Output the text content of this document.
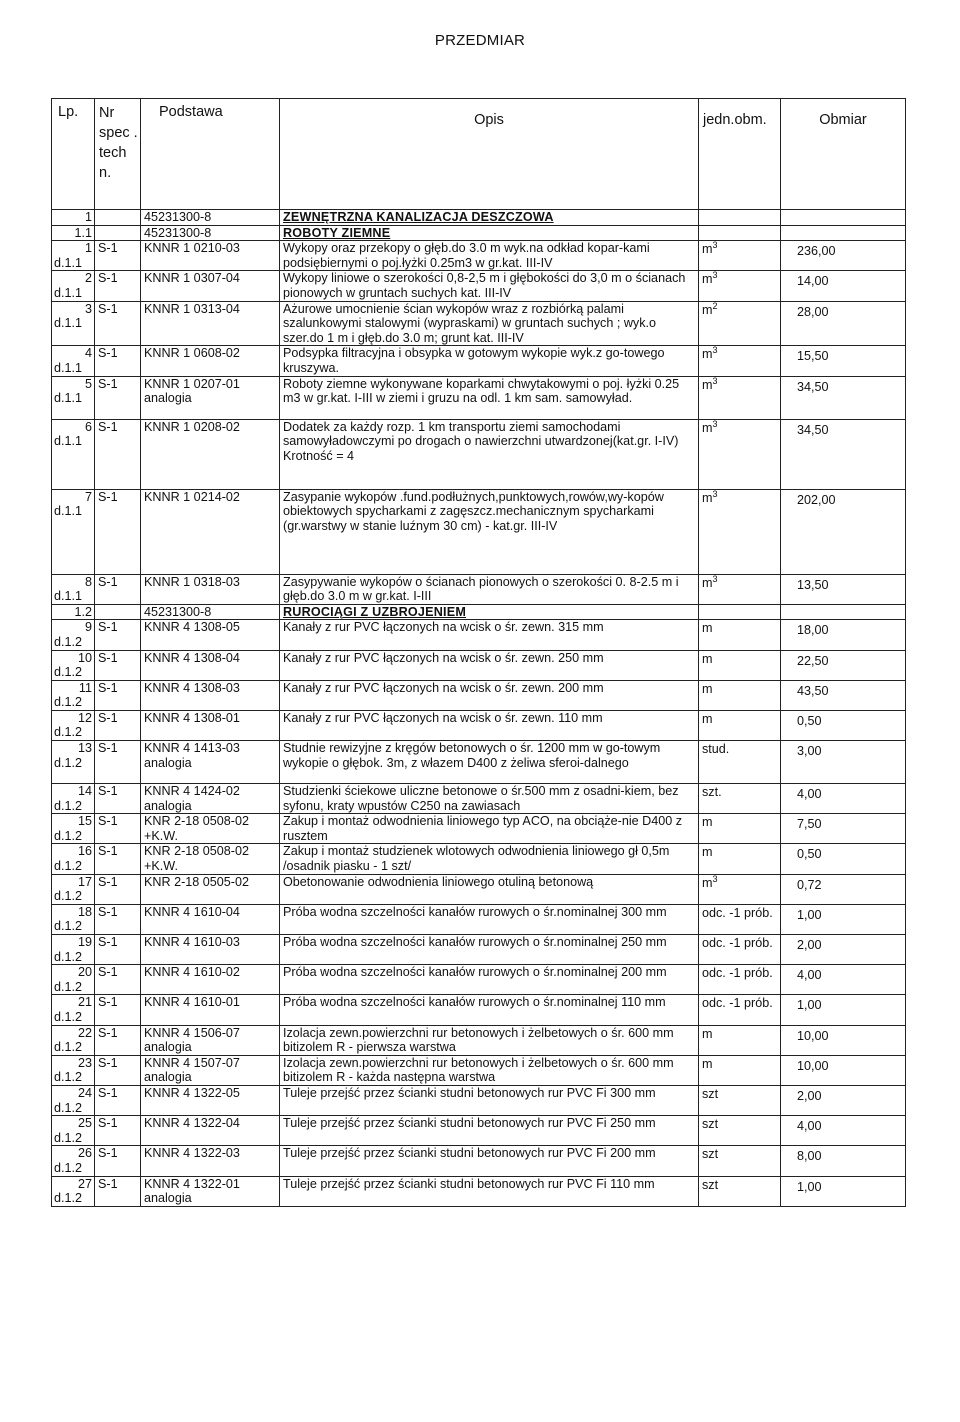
PRZEDMIAR
Lp.	Nr spec . tech n.	Podstawa	Opis	jedn.obm.	Obmiar

1		45231300-8	ZEWNĘTRZNA KANALIZACJA DESZCZOWA		

1.1		45231300-8	ROBOTY ZIEMNE		

1
d.1.1	S-1	KNNR 1 0210-03	Wykopy oraz przekopy o głęb.do 3.0 m wyk.na odkład kopar-kami podsiębiernymi o poj.łyżki 0.25m3 w gr.kat. III-IV	$m^3$	236,00

2
d.1.1	S-1	KNNR 1 0307-04	Wykopy liniowe o szerokości 0,8-2,5 m i głębokości do 3,0 m o ścianach pionowych w gruntach suchych kat. III-IV	$m^3$	14,00

3
d.1.1	S-1	KNNR 1 0313-04	Ażurowe umocnienie ścian wykopów wraz z rozbiórką palami szalunkowymi stalowymi (wypraskami) w gruntach suchych ; wyk.o szer.do 1 m i głęb.do 3.0 m; grunt kat. III-IV	$m^2$	28,00

4
d.1.1	S-1	KNNR 1 0608-02	Podsypka filtracyjna i obsypka w gotowym wykopie wyk.z go-towego kruszywa.	$m^3$	15,50

5
d.1.1	S-1	KNNR 1 0207-01 analogia	Roboty ziemne wykonywane koparkami chwytakowymi o poj. łyżki 0.25 m3 w gr.kat. I-III w ziemi i gruzu na odl. 1 km sam. samowyład.	$m^3$	34,50

6
d.1.1	S-1	KNNR 1 0208-02	Dodatek za każdy rozp. 1 km transportu ziemi samochodami samowyładowczymi po drogach o nawierzchni utwardzonej(kat.gr. I-IV) Krotność = 4	$m^3$	34,50

7
d.1.1	S-1	KNNR 1 0214-02	Zasypanie wykopów .fund.podłużnych,punktowych,rowów,wy-kopów obiektowych spycharkami z zagęszcz.mechanicznym spycharkami (gr.warstwy w stanie luźnym 30 cm) - kat.gr. III-IV	$m^3$	202,00

8
d.1.1	S-1	KNNR 1 0318-03	Zasypywanie wykopów o ścianach pionowych o szerokości 0. 8-2.5 m i głęb.do 3.0 m w gr.kat. I-III	$m^3$	13,50

1.2		45231300-8	RUROCIĄGI Z UZBROJENIEM		

9
d.1.2	S-1	KNNR 4 1308-05	Kanały z rur PVC łączonych na wcisk o śr. zewn. 315 mm	m	18,00

10
d.1.2	S-1	KNNR 4 1308-04	Kanały z rur PVC łączonych na wcisk o śr. zewn. 250 mm	m	22,50

11
d.1.2	S-1	KNNR 4 1308-03	Kanały z rur PVC łączonych na wcisk o śr. zewn. 200 mm	m	43,50

12
d.1.2	S-1	KNNR 4 1308-01	Kanały z rur PVC łączonych na wcisk o śr. zewn. 110 mm	m	0,50

13
d.1.2	S-1	KNNR 4 1413-03 analogia	Studnie rewizyjne z kręgów betonowych o śr. 1200 mm w go-towym wykopie o głębok. 3m, z włazem D400 z żeliwa sferoi-dalnego	stud.	3,00

14
d.1.2	S-1	KNNR 4 1424-02 analogia	Studzienki ściekowe uliczne betonowe o śr.500 mm z osadni-kiem, bez syfonu, kraty wpustów C250 na zawiasach	szt.	4,00

15
d.1.2	S-1	KNR 2-18 0508-02 +K.W.	Zakup i montaż odwodnienia liniowego typ ACO, na obciąże-nie D400 z rusztem	m	7,50

16
d.1.2	S-1	KNR 2-18 0508-02 +K.W.	Zakup i montaż studzienek wlotowych odwodnienia liniowego gł 0,5m /osadnik piasku - 1 szt/	m	0,50

17
d.1.2	S-1	KNR 2-18 0505-02	Obetonowanie odwodnienia liniowego otuliną betonową	$m^3$	0,72

18
d.1.2	S-1	KNNR 4 1610-04	Próba wodna szczelności kanałów rurowych o śr.nominalnej 300 mm	odc. -1 prób.	1,00

19
d.1.2	S-1	KNNR 4 1610-03	Próba wodna szczelności kanałów rurowych o śr.nominalnej 250 mm	odc. -1 prób.	2,00

20
d.1.2	S-1	KNNR 4 1610-02	Próba wodna szczelności kanałów rurowych o śr.nominalnej 200 mm	odc. -1 prób.	4,00

21
d.1.2	S-1	KNNR 4 1610-01	Próba wodna szczelności kanałów rurowych o śr.nominalnej 110 mm	odc. -1 prób.	1,00

22
d.1.2	S-1	KNNR 4 1506-07 analogia	Izolacja zewn.powierzchni rur betonowych i żelbetowych o śr. 600 mm bitizolem R - pierwsza warstwa	m	10,00

23
d.1.2	S-1	KNNR 4 1507-07 analogia	Izolacja zewn.powierzchni rur betonowych i żelbetowych o śr. 600 mm bitizolem R - każda następna warstwa	m	10,00

24
d.1.2	S-1	KNNR 4 1322-05	Tuleje przejść przez ścianki studni betonowych rur PVC Fi 300 mm	szt	2,00

25
d.1.2	S-1	KNNR 4 1322-04	Tuleje przejść przez ścianki studni betonowych rur PVC Fi 250 mm	szt	4,00

26
d.1.2	S-1	KNNR 4 1322-03	Tuleje przejść przez ścianki studni betonowych rur PVC Fi 200 mm	szt	8,00

27
d.1.2	S-1	KNNR 4 1322-01 analogia	Tuleje przejść przez ścianki studni betonowych rur PVC Fi 110 mm	szt	1,00
